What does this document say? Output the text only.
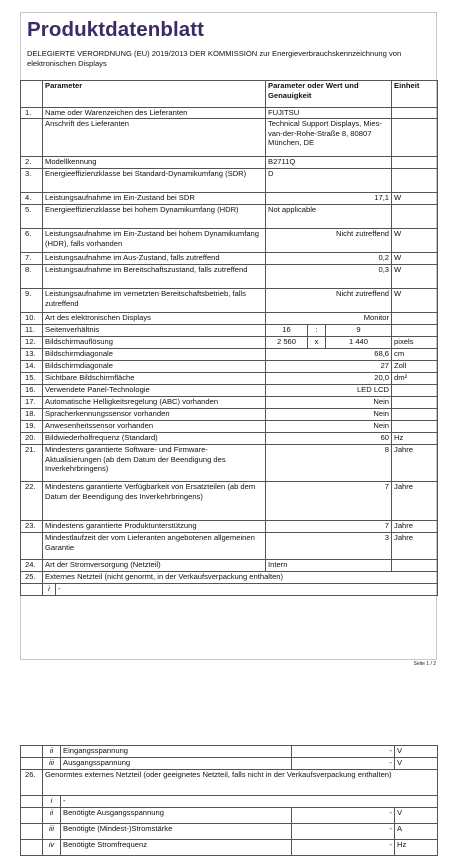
Produktdatenblatt

DELEGIERTE VERORDNUNG (EU) 2019/2013 DER KOMMISSION zur Energieverbrauchskennzeichnung von elektronischen Displays

	Parameter		Parameter oder Wert und Genauigkeit			Einheit
1.	Name oder Warenzeichen des Lieferanten		FUJITSU			
	Anschrift des Lieferanten		Technical Support Displays, Mies-van-der-Rohe-Straße 8, 80807 München, DE			
2.	Modellkennung		B2711Q			
3.	Energieeffizienzklasse bei Standard-Dynamikumfang (SDR)		D			
4.	Leistungsaufnahme im Ein-Zustand bei SDR		17,1			W
5.	Energieeffizienzklasse bei hohem Dynamikumfang (HDR)		Not applicable			
6.	Leistungsaufnahme im Ein-Zustand bei hohem Dynamikumfang (HDR), falls vorhanden		Nicht zutreffend			W
7.	Leistungsaufnahme im Aus-Zustand, falls zutreffend		0,2			W
8.	Leistungsaufnahme im Bereitschaftszustand, falls zutreffend		0,3			W
9.	Leistungsaufnahme im vernetzten Bereitschaftsbetrieb, falls zutreffend		Nicht zutreffend			W
10.	Art des elektronischen Displays		Monitor			
11.	Seitenverhältnis		16	:	9	
12.	Bildschirmauflösung		2 560	x	1 440	pixels
13.	Bildschirmdiagonale		68,6			cm
14.	Bildschirmdiagonale		27			Zoll
15.	Sichtbare Bildschirmfläche		20,0			dm²
16.	Verwendete Panel-Technologie		LED LCD			
17.	Automatische Helligkeitsregelung (ABC) vorhanden		Nein			
18.	Spracherkennungssensor vorhanden		Nein			
19.	Anwesenheitssensor vorhanden		Nein			
20.	Bildwiederholfrequenz (Standard)		60			Hz
21.	Mindestens garantierte Software- und Firmware-Aktualisierungen (ab dem Datum der Beendigung des Inverkehrbringens)		8			Jahre
22.	Mindestens garantierte Verfügbarkeit von Ersatzteilen (ab dem Datum der Beendigung des Inverkehrbringens)		7			Jahre
23.	Mindestens garantierte Produktunterstützung		7			Jahre
	Mindestlaufzeit der vom Lieferanten angebotenen allgemeinen Garantie		3			Jahre
24.	Art der Stromversorgung (Netzteil)		Intern			
25.	Externes Netzteil (nicht genormt, in der Verkaufsverpackung enthalten)					
	i	-				
Seite 1 / 2
	ii	Eingangsspannung	-	V
	iii	Ausgangsspannung	-	V
26.	Genormtes externes Netzteil (oder geeignetes Netzteil, falls nicht in der Verkaufsverpackung enthalten)			
	i	-		
	ii	Benötigte Ausgangsspannung	-	V
	iii	Benötigte (Mindest-)Stromstärke	-	A
	iv	Benötigte Stromfrequenz	-	Hz
